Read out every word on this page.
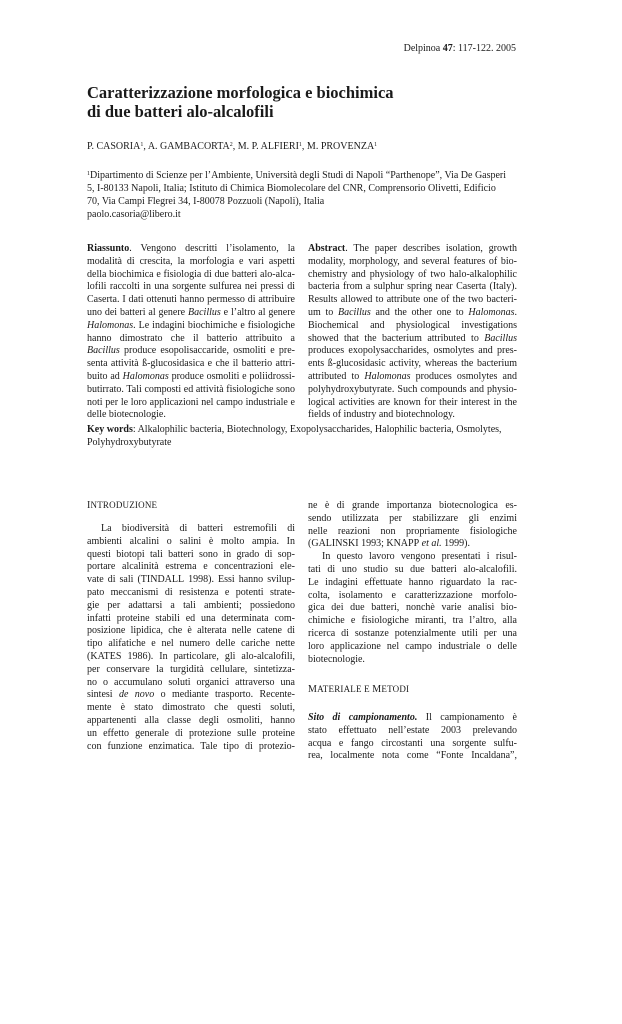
Delpinoa 47: 117-122. 2005
Caratterizzazione morfologica e biochimica
di due batteri alo-alcalofili
P. CASORIA$^1$, A. GAMBACORTA$^2$, M. P. ALFIERI$^1$, M. PROVENZA$^1$
$^1$Dipartimento di Scienze per l’Ambiente, Università degli Studi di Napoli “Parthenope”, Via De Gasperi
5, I-80133 Napoli, Italia; Istituto di Chimica Biomolecolare del CNR, Comprensorio Olivetti, Edificio
70, Via Campi Flegrei 34, I-80078 Pozzuoli (Napoli), Italia
paolo.casoria@libero.it
Riassunto. Vengono descritti l’isolamento, la
modalità di crescita, la morfologia e vari aspetti
della biochimica e fisiologia di due batteri alo-alca-
lofili raccolti in una sorgente sulfurea nei pressi di
Caserta. I dati ottenuti hanno permesso di attribuire
uno dei batteri al genere Bacillus e l’altro al genere
Halomonas. Le indagini biochimiche e fisiologiche
hanno dimostrato che il batterio attribuito a
Bacillus produce esopolisaccaride, osmoliti e pre-
senta attività ß-glucosidasica e che il batterio attri-
buito ad Halomonas produce osmoliti e poliidrossi-
butirrato. Tali composti ed attività fisiologiche sono
noti per le loro applicazioni nel campo industriale e
delle biotecnologie.
Abstract. The paper describes isolation, growth
modality, morphology, and several features of bio-
chemistry and physiology of two halo-alkalophilic
bacteria from a sulphur spring near Caserta (Italy).
Results allowed to attribute one of the two bacteri-
um to Bacillus and the other one to Halomonas.
Biochemical and physiological investigations
showed that the bacterium attributed to Bacillus
produces exopolysaccharides, osmolytes and pres-
ents ß-glucosidasic activity, whereas the bacterium
attributed to Halomonas produces osmolytes and
polyhydroxybutyrate. Such compounds and physio-
logical activities are known for their interest in the
fields of industry and biotechnology.
Key words: Alkalophilic bacteria, Biotechnology, Exopolysaccharides, Halophilic bacteria, Osmolytes,
Polyhydroxybutyrate
INTRODUZIONE
La biodiversità di batteri estremofili di
ambienti alcalini o salini è molto ampia. In
questi biotopi tali batteri sono in grado di sop-
portare alcalinità estrema e concentrazioni ele-
vate di sali (TINDALL 1998). Essi hanno svilup-
pato meccanismi di resistenza e potenti strate-
gie per adattarsi a tali ambienti; possiedono
infatti proteine stabili ed una determinata com-
posizione lipidica, che è alterata nelle catene di
tipo alifatiche e nel numero delle cariche nette
(KATES 1986). In particolare, gli alo-alcalofili,
per conservare la turgidità cellulare, sintetizza-
no o accumulano soluti organici attraverso una
sintesi de novo o mediante trasporto. Recente-
mente è stato dimostrato che questi soluti,
appartenenti alla classe degli osmoliti, hanno
un effetto generale di protezione sulle proteine
con funzione enzimatica. Tale tipo di protezio-
ne è di grande importanza biotecnologica es-
sendo utilizzata per stabilizzare gli enzimi
nelle reazioni non propriamente fisiologiche
(GALINSKI 1993; KNAPP et al. 1999).
In questo lavoro vengono presentati i risul-
tati di uno studio su due batteri alo-alcalofili.
Le indagini effettuate hanno riguardato la rac-
colta, isolamento e caratterizzazione morfolo-
gica dei due batteri, nonchè varie analisi bio-
chimiche e fisiologiche miranti, tra l’altro, alla
ricerca di sostanze potenzialmente utili per una
loro applicazione nel campo industriale o delle
biotecnologie.
MATERIALE E METODI
Sito di campionamento. Il campionamento è
stato effettuato nell’estate 2003 prelevando
acqua e fango circostanti una sorgente sulfu-
rea, localmente nota come “Fonte Incaldana”,
